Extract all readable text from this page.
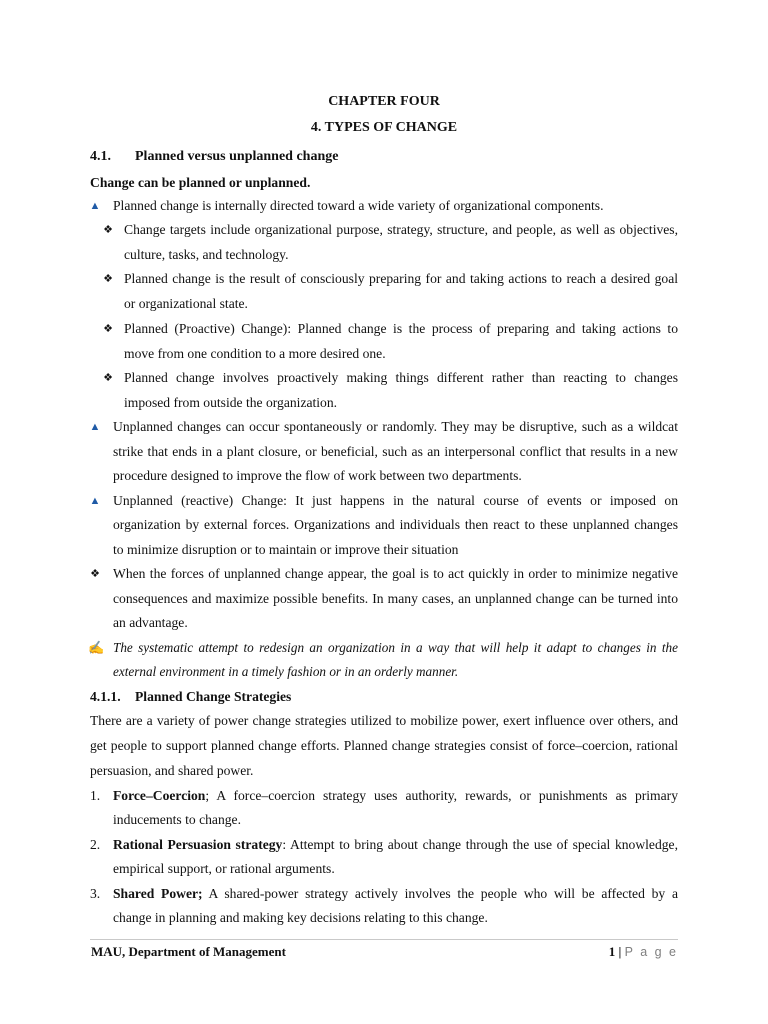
CHAPTER FOUR
4. TYPES OF CHANGE
4.1. Planned versus unplanned change
Change can be planned or unplanned.
▲ Planned change is internally directed toward a wide variety of organizational components.
❖ Change targets include organizational purpose, strategy, structure, and people, as well as objectives,
culture, tasks, and technology.
❖ Planned change is the result of consciously preparing for and taking actions to reach a desired goal
or organizational state.
❖ Planned (Proactive) Change): Planned change is the process of preparing and taking actions to
move from one condition to a more desired one.
❖ Planned change involves proactively making things different rather than reacting to changes
imposed from outside the organization.
▲ Unplanned changes can occur spontaneously or randomly. They may be disruptive, such as a wildcat
strike that ends in a plant closure, or beneficial, such as an interpersonal conflict that results in a new
procedure designed to improve the flow of work between two departments.
▲ Unplanned (reactive) Change: It just happens in the natural course of events or imposed on
organization by external forces. Organizations and individuals then react to these unplanned changes
to minimize disruption or to maintain or improve their situation
❖ When the forces of unplanned change appear, the goal is to act quickly in order to minimize negative
consequences and maximize possible benefits. In many cases, an unplanned change can be turned into
an advantage.
✍ The systematic attempt to redesign an organization in a way that will help it adapt to changes in the
external environment in a timely fashion or in an orderly manner.
4.1.1. Planned Change Strategies
There are a variety of power change strategies utilized to mobilize power, exert influence over others, and
get people to support planned change efforts. Planned change strategies consist of force–coercion, rational
persuasion, and shared power.
1. Force–Coercion; A force–coercion strategy uses authority, rewards, or punishments as primary
inducements to change.
2. Rational Persuasion strategy: Attempt to bring about change through the use of special knowledge,
empirical support, or rational arguments.
3. Shared Power; A shared-power strategy actively involves the people who will be affected by a
change in planning and making key decisions relating to this change.
MAU, Department of Management	1 | P a g e
